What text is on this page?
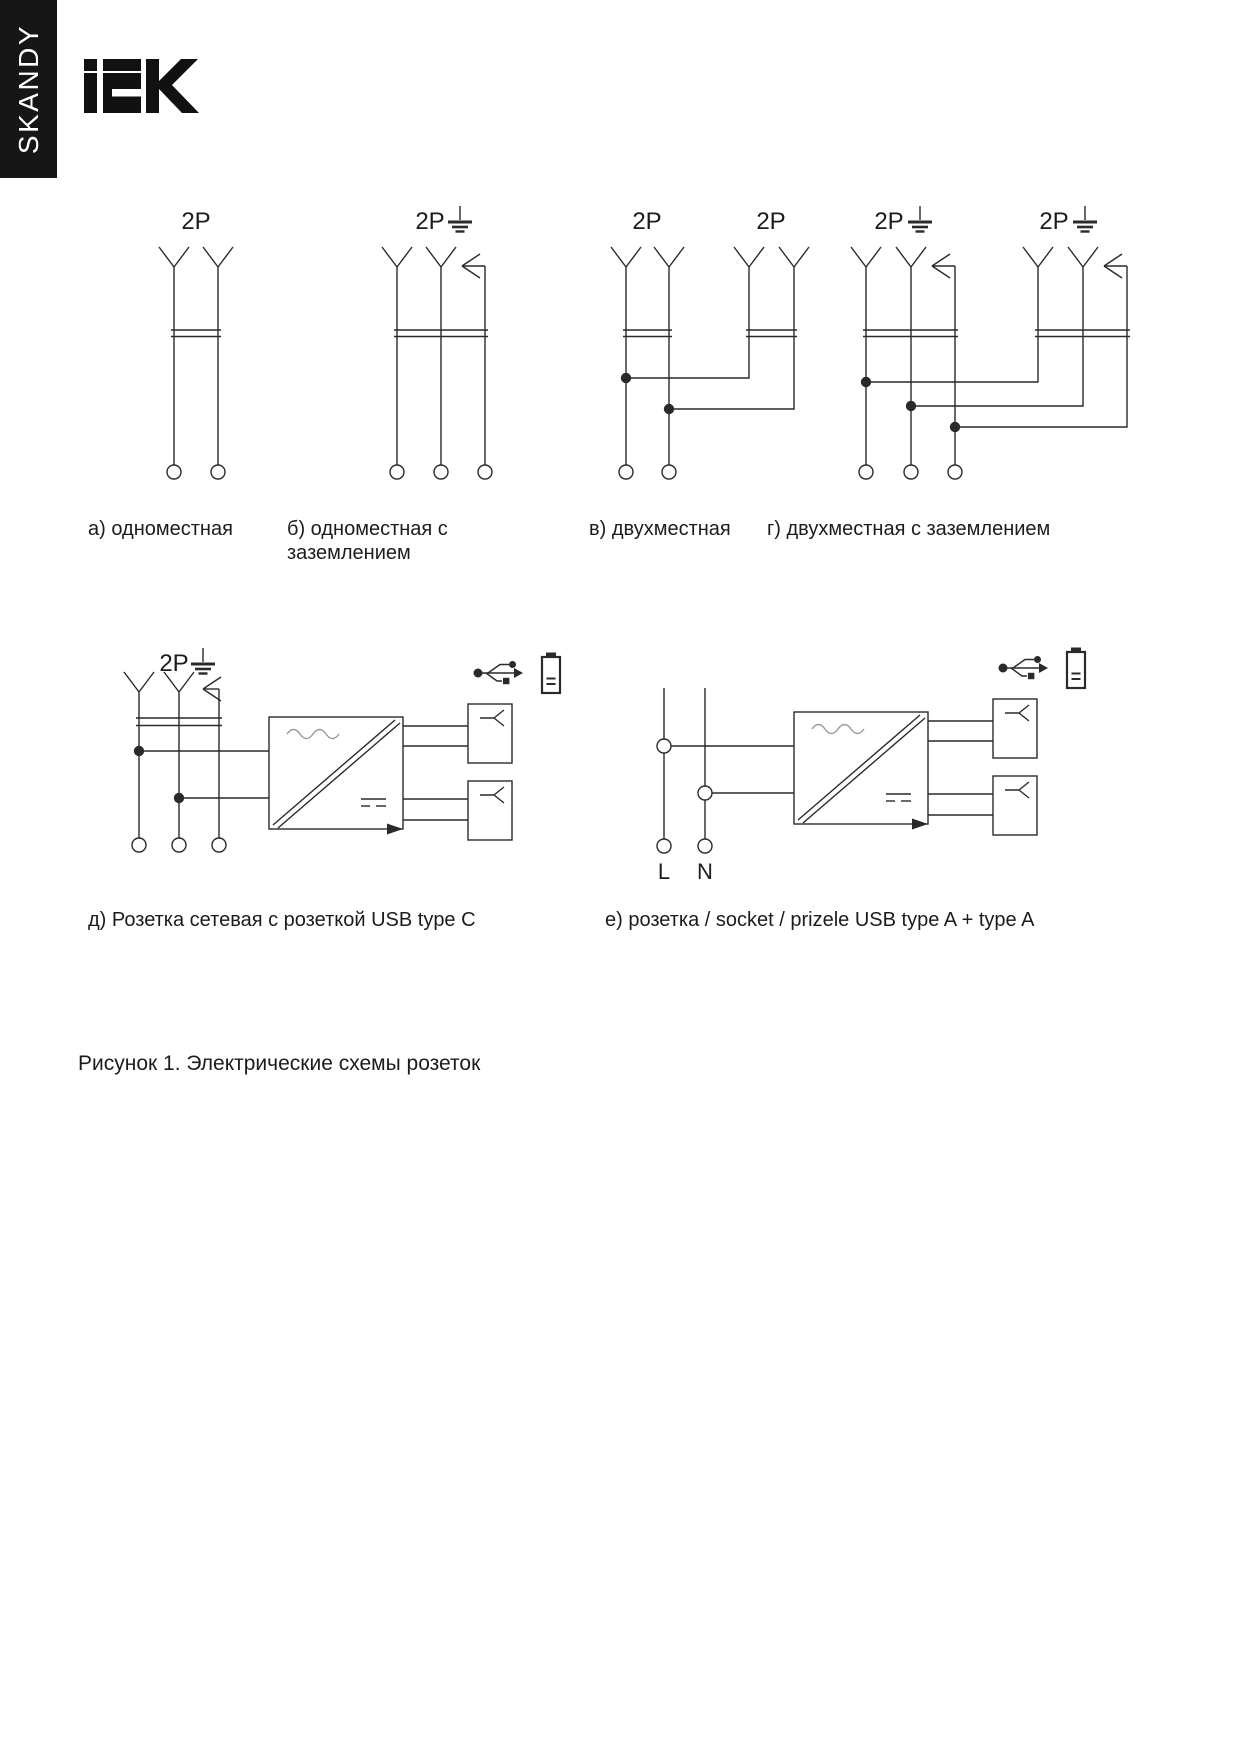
SKANDY
2P	2P	2P	2P	2P	2P
2P
L N
а) одноместная	б) одноместная с
заземлением
в) двухместная г) двухместная с заземлением
д) Розетка сетевая с розеткой USB type C	е) розетка / socket / prizele USB type A + type A
Рисунок 1. Электрические схемы розеток
